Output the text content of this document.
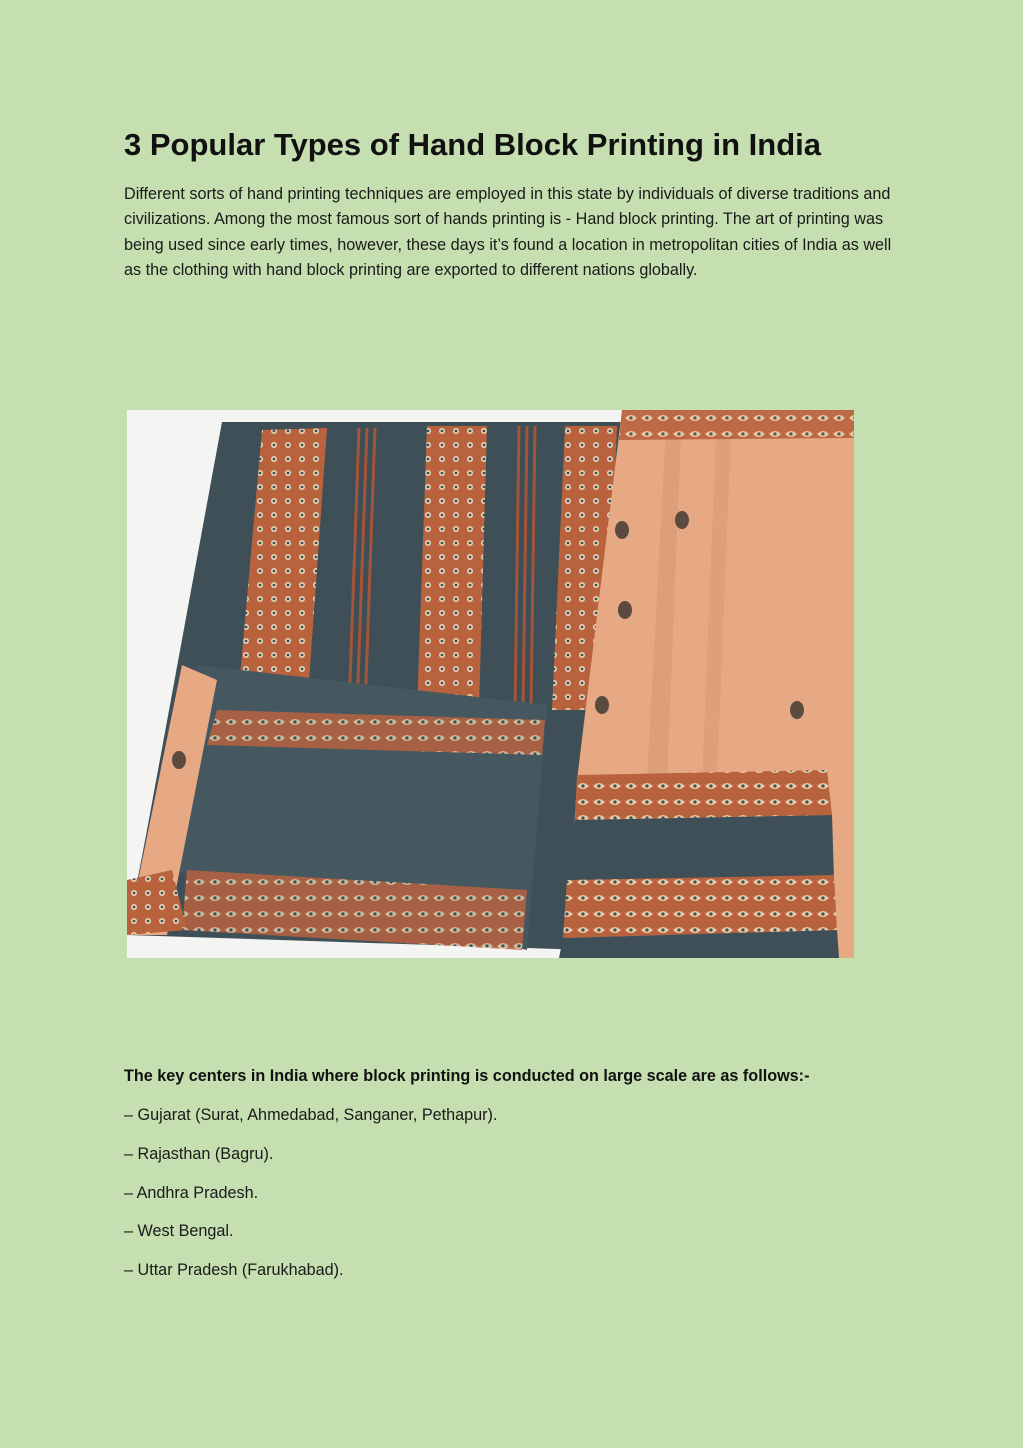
3 Popular Types of Hand Block Printing in India

Different sorts of hand printing techniques are employed in this state by individuals of diverse traditions and civilizations. Among the most famous sort of hands printing is - Hand block printing. The art of printing was being used since early times, however, these days it’s found a location in metropolitan cities of India as well as the clothing with hand block printing are exported to different nations globally.

The key centers in India where block printing is conducted on large scale are as follows:-

– Gujarat (Surat, Ahmedabad, Sanganer, Pethapur).
– Rajasthan (Bagru).
– Andhra Pradesh.
– West Bengal.
– Uttar Pradesh (Farukhabad).
